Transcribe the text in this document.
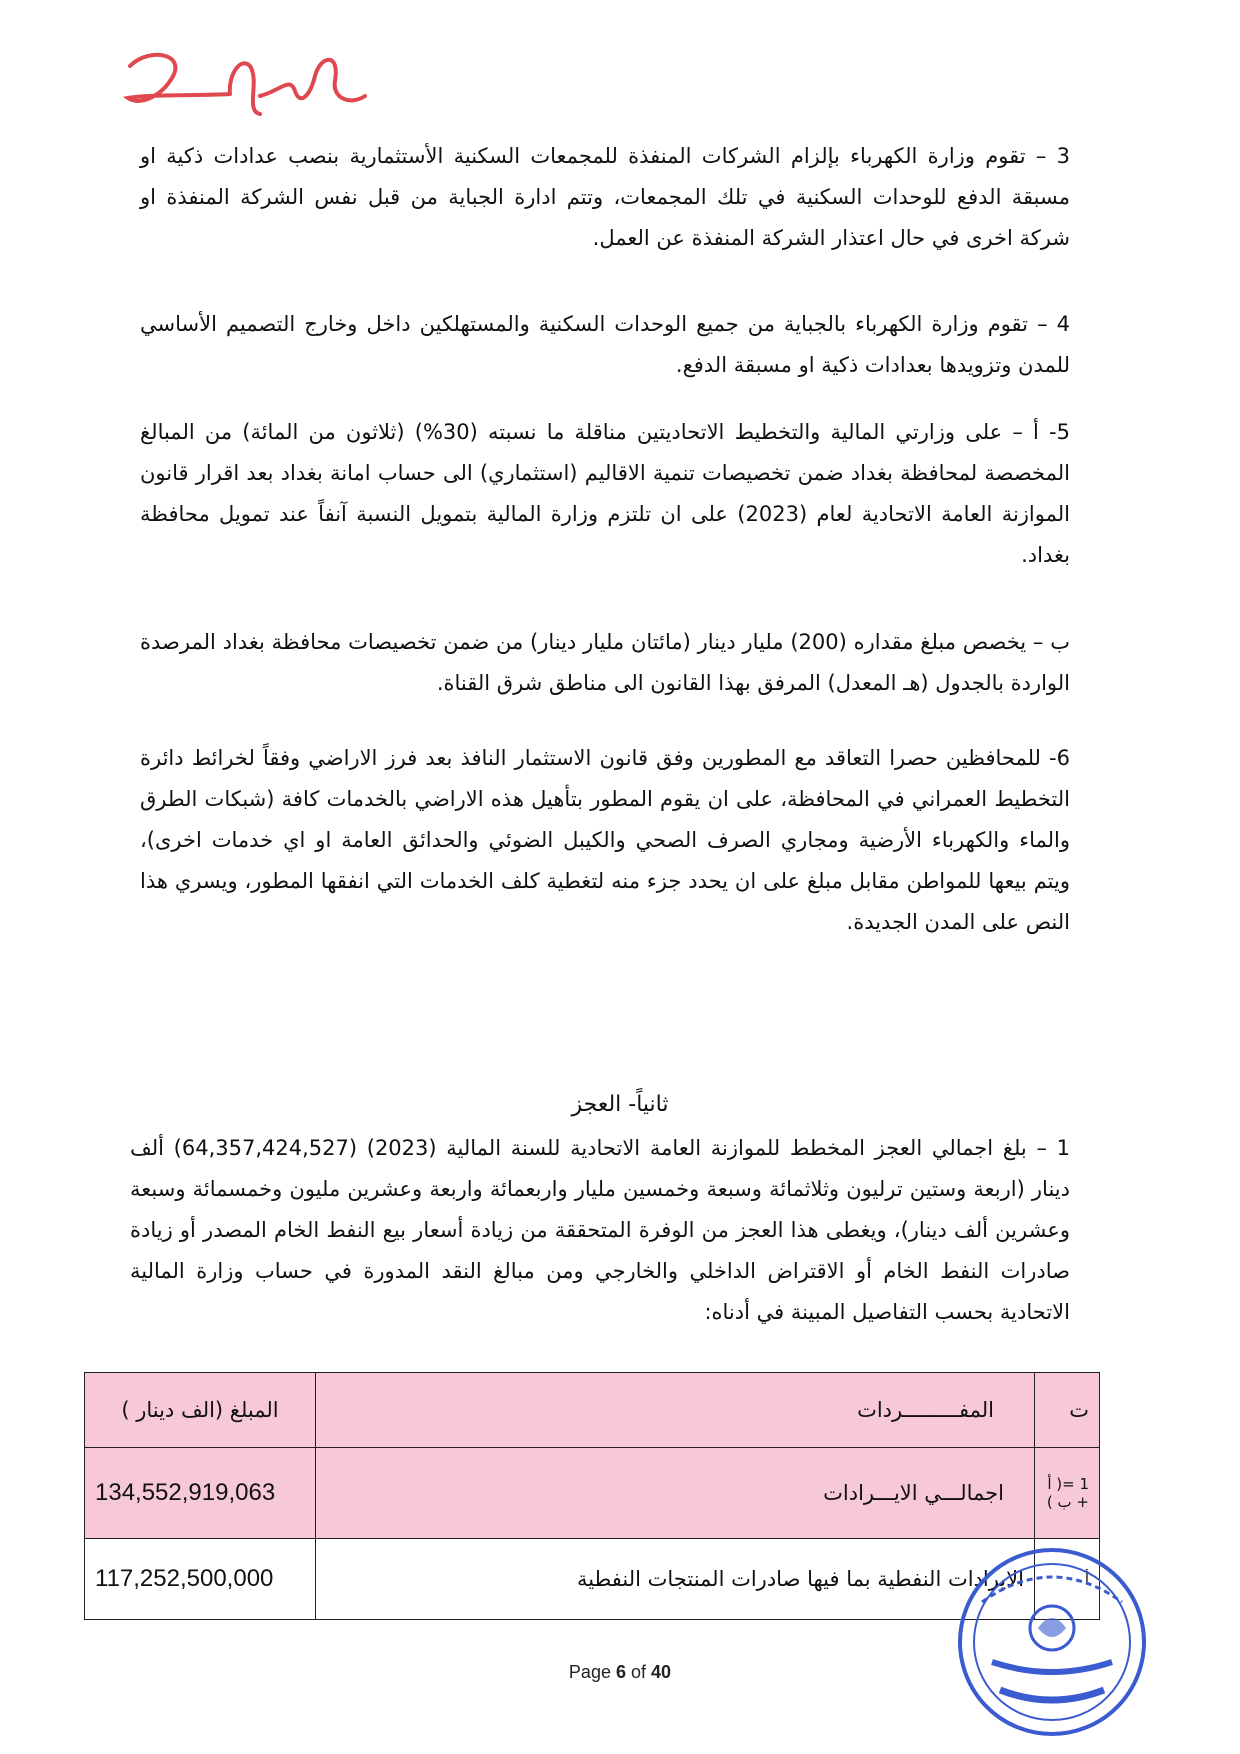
3 – تقوم وزارة الكهرباء بإلزام الشركات المنفذة للمجمعات السكنية الأستثمارية بنصب عدادات ذكية او مسبقة الدفع للوحدات السكنية في تلك المجمعات، وتتم ادارة الجباية من قبل نفس الشركة المنفذة او شركة اخرى في حال اعتذار الشركة المنفذة عن العمل.

4 – تقوم وزارة الكهرباء بالجباية من جميع الوحدات السكنية والمستهلكين داخل وخارج التصميم الأساسي للمدن وتزويدها بعدادات ذكية او مسبقة الدفع.

5- أ – على وزارتي المالية والتخطيط الاتحاديتين مناقلة ما نسبته (30%) (ثلاثون من المائة) من المبالغ المخصصة لمحافظة بغداد ضمن تخصيصات تنمية الاقاليم (استثماري) الى حساب امانة بغداد بعد اقرار قانون الموازنة العامة الاتحادية لعام (2023) على ان تلتزم وزارة المالية بتمويل النسبة آنفاً عند تمويل محافظة بغداد.

ب – يخصص مبلغ مقداره (200) مليار دينار (مائتان مليار دينار) من ضمن تخصيصات محافظة بغداد المرصدة الواردة بالجدول (هـ المعدل) المرفق بهذا القانون الى مناطق شرق القناة.

6- للمحافظين حصرا التعاقد مع المطورين وفق قانون الاستثمار النافذ بعد فرز الاراضي وفقاً لخرائط دائرة التخطيط العمراني في المحافظة، على ان يقوم المطور بتأهيل هذه الاراضي بالخدمات كافة (شبكات الطرق والماء والكهرباء الأرضية ومجاري الصرف الصحي والكيبل الضوئي والحدائق العامة او اي خدمات اخرى)، ويتم بيعها للمواطن مقابل مبلغ على ان يحدد جزء منه لتغطية كلف الخدمات التي انفقها المطور، ويسري هذا النص على المدن الجديدة.

ثانياً- العجز

1 – بلغ اجمالي العجز المخطط للموازنة العامة الاتحادية للسنة المالية (2023) (64,357,424,527) ألف دينار (اربعة وستين ترليون وثلاثمائة وسبعة وخمسين مليار واربعمائة واربعة وعشرين مليون وخمسمائة وسبعة وعشرين ألف دينار)، ويغطى هذا العجز من الوفرة المتحققة من زيادة أسعار بيع النفط الخام المصدر أو زيادة صادرات النفط الخام أو الاقتراض الداخلي والخارجي ومن مبالغ النقد المدورة في حساب وزارة المالية الاتحادية بحسب التفاصيل المبينة في أدناه:

ت	المفـــــــــردات	المبلغ (الف دينار )
1 =( أ + ب )	اجمالـــي الايـــرادات	134,552,919,063
أ	الايرادات النفطية بما فيها صادرات المنتجات النفطية	117,252,500,000
Page 6 of 40
